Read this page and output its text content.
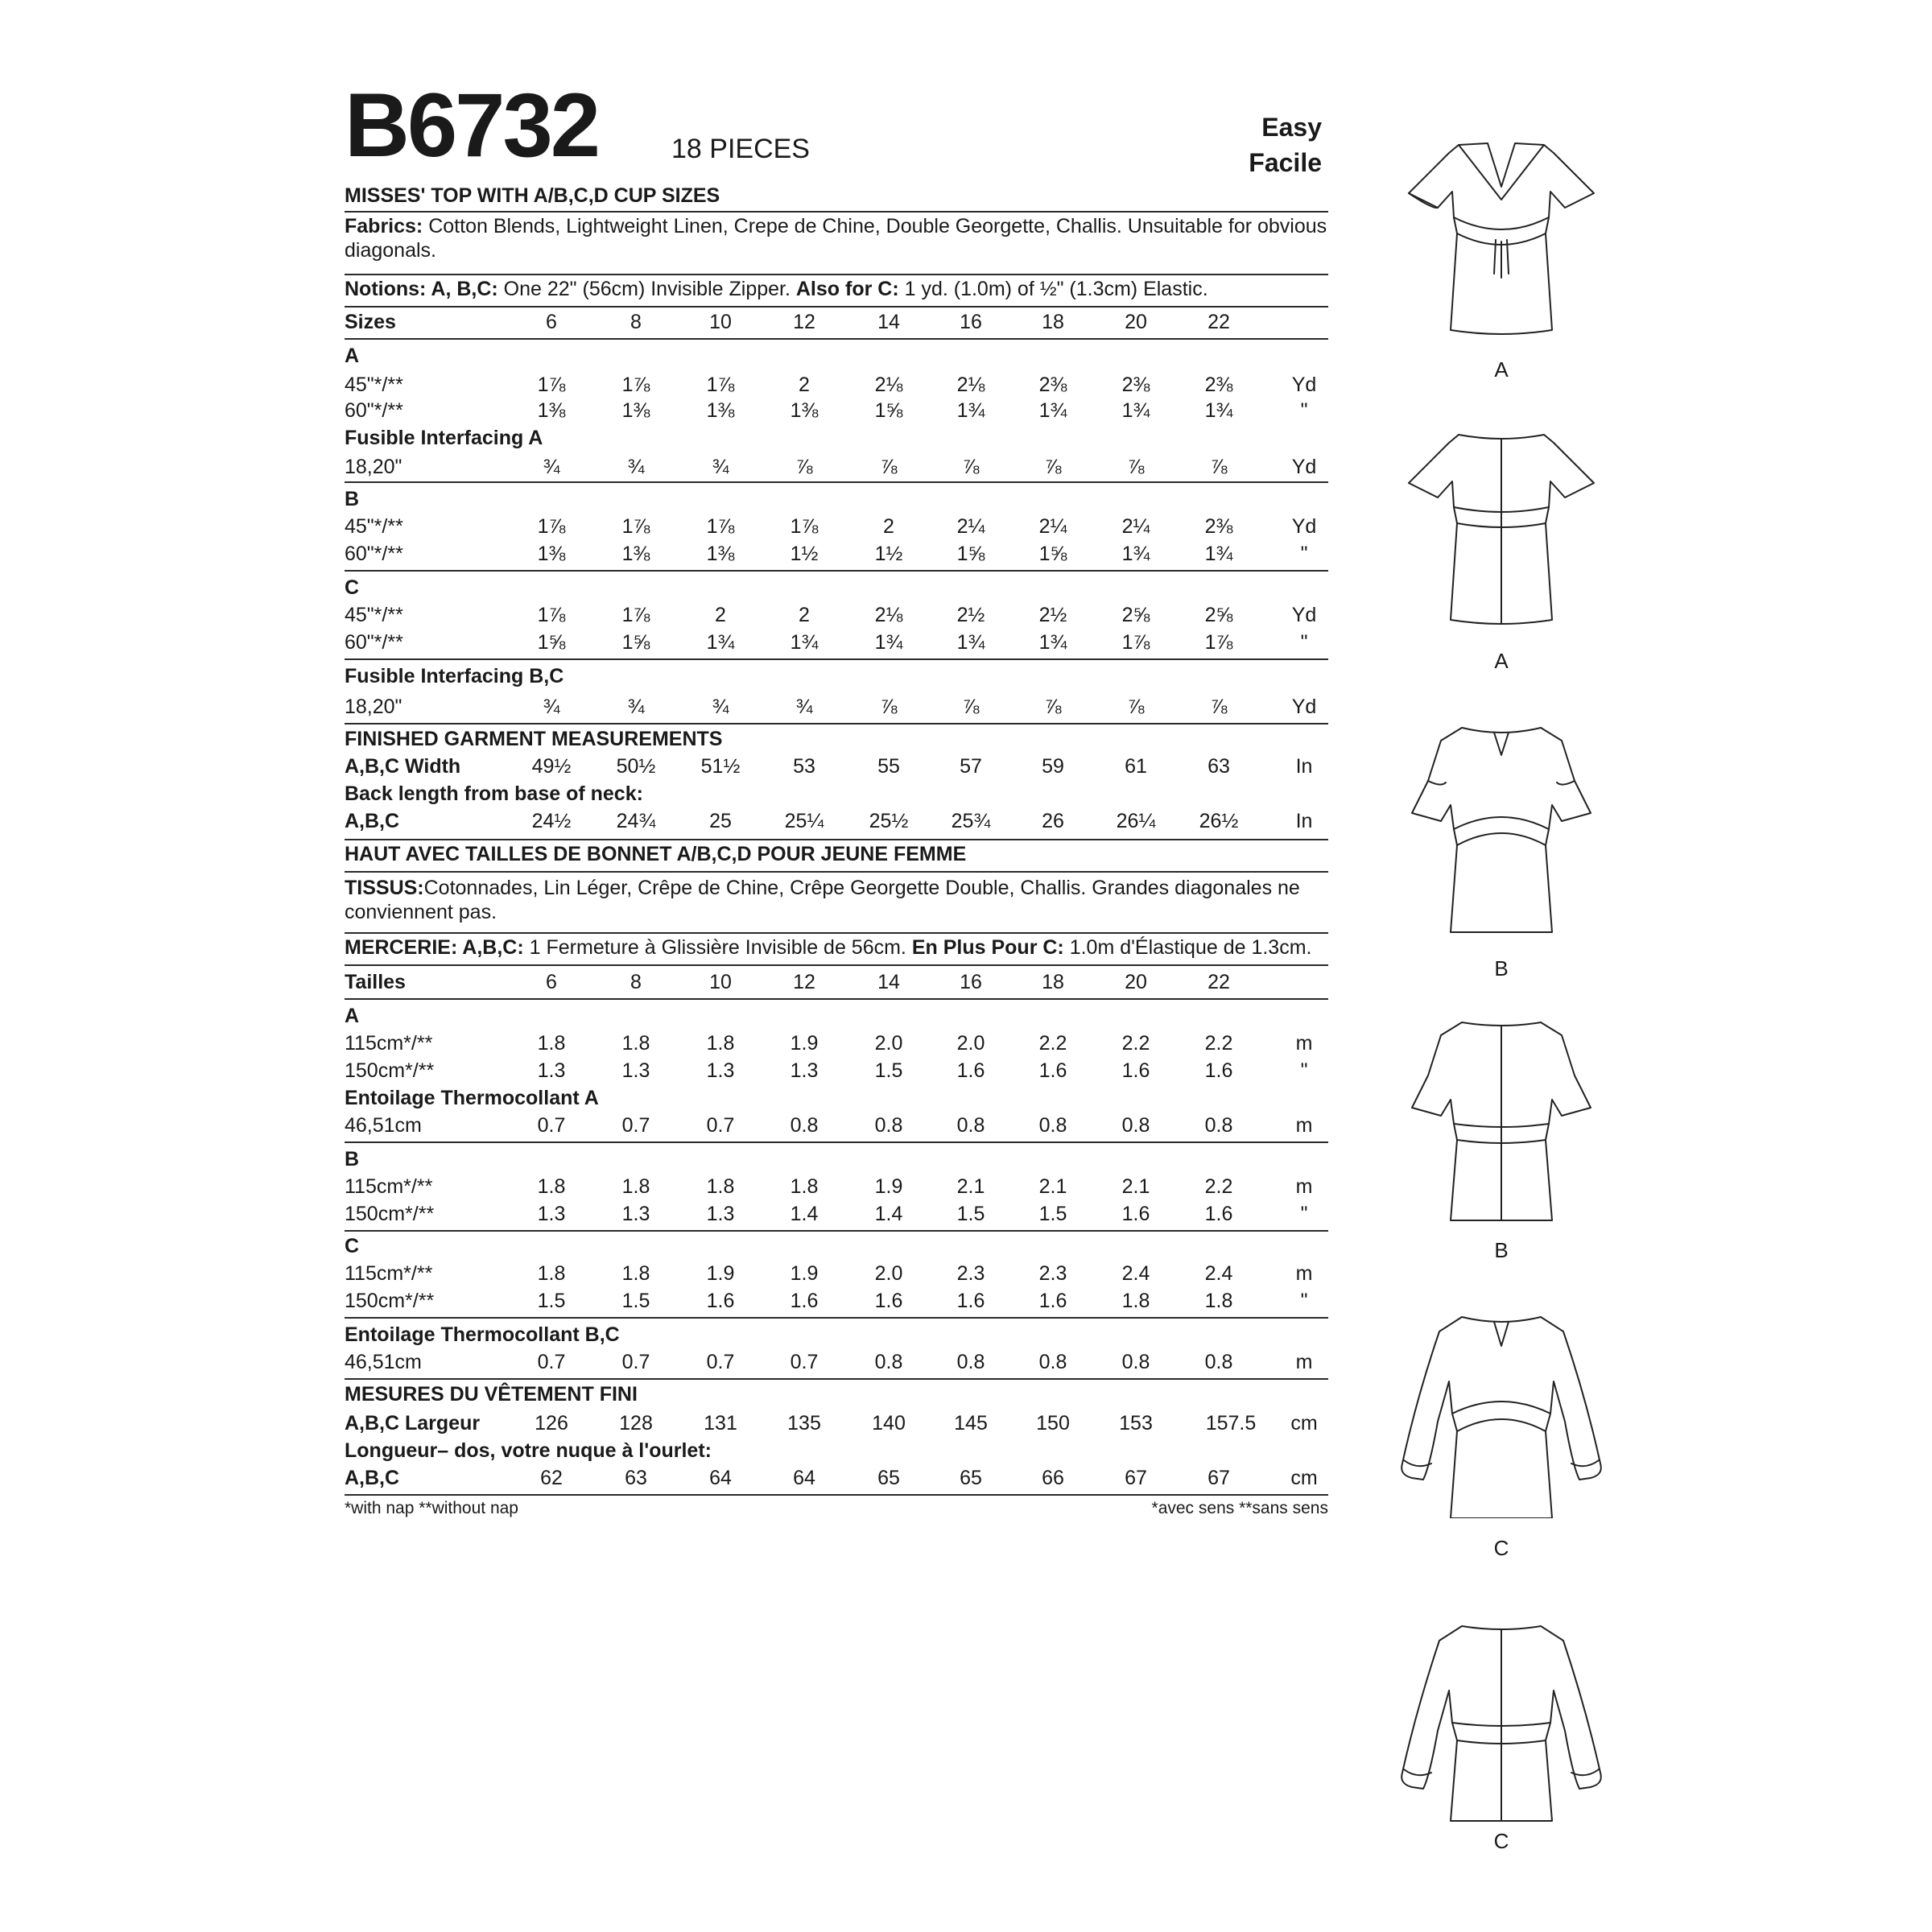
B6732	18 PIECES
Easy
Facile
MISSES' TOP WITH A/B,C,D CUP SIZES
Fabrics: Cotton Blends, Lightweight Linen, Crepe de Chine, Double Georgette, Challis. Unsuitable for obvious diagonals.
Notions: A, B,C: One 22" (56cm) Invisible Zipper. Also for C: 1 yd. (1.0m) of ½" (1.3cm) Elastic.
Sizes	6	8	10	12	14	16	18	20	22
A
45"*/**	1⅞	1⅞	1⅞	2	2⅛	2⅛	2⅜	2⅜	2⅜	Yd
60"*/**	1⅜	1⅜	1⅜	1⅜	1⅝	1¾	1¾	1¾	1¾	"
Fusible Interfacing A
18,20"	¾	¾	¾	⅞	⅞	⅞	⅞	⅞	⅞	Yd
B
45"*/**	1⅞	1⅞	1⅞	1⅞	2	2¼	2¼	2¼	2⅜	Yd
60"*/**	1⅜	1⅜	1⅜	1½	1½	1⅝	1⅝	1¾	1¾	"
C
45"*/**	1⅞	1⅞	2	2	2⅛	2½	2½	2⅝	2⅝	Yd
60"*/**	1⅝	1⅝	1¾	1¾	1¾	1¾	1¾	1⅞	1⅞	"
Fusible Interfacing B,C
18,20"	¾	¾	¾	¾	⅞	⅞	⅞	⅞	⅞	Yd
FINISHED GARMENT MEASUREMENTS
A,B,C Width	49½	50½	51½	53	55	57	59	61	63	In
Back length from base of neck:
A,B,C	24½	24¾	25	25¼	25½	25¾	26	26¼	26½	In
HAUT AVEC TAILLES DE BONNET A/B,C,D POUR JEUNE FEMME
TISSUS:Cotonnades, Lin Léger, Crêpe de Chine, Crêpe Georgette Double, Challis. Grandes diagonales ne conviennent pas.
MERCERIE: A,B,C: 1 Fermeture à Glissière Invisible de 56cm. En Plus Pour C: 1.0m d'Élastique de 1.3cm.
Tailles	6	8	10	12	14	16	18	20	22
A
115cm*/**	1.8	1.8	1.8	1.9	2.0	2.0	2.2	2.2	2.2	m
150cm*/**	1.3	1.3	1.3	1.3	1.5	1.6	1.6	1.6	1.6	"
Entoilage Thermocollant A
46,51cm	0.7	0.7	0.7	0.8	0.8	0.8	0.8	0.8	0.8	m
B
115cm*/**	1.8	1.8	1.8	1.8	1.9	2.1	2.1	2.1	2.2	m
150cm*/**	1.3	1.3	1.3	1.4	1.4	1.5	1.5	1.6	1.6	"
C
115cm*/**	1.8	1.8	1.9	1.9	2.0	2.3	2.3	2.4	2.4	m
150cm*/**	1.5	1.5	1.6	1.6	1.6	1.6	1.6	1.8	1.8	"
Entoilage Thermocollant B,C
46,51cm	0.7	0.7	0.7	0.7	0.8	0.8	0.8	0.8	0.8	m
MESURES DU VÊTEMENT FINI
A,B,C Largeur	126	128	131	135	140	145	150	153	157.5	cm
Longueur– dos, votre nuque à l'ourlet:
A,B,C	62	63	64	64	65	65	66	67	67	cm
*with nap **without nap	*avec sens **sans sens
A
A
B
B
C
C
